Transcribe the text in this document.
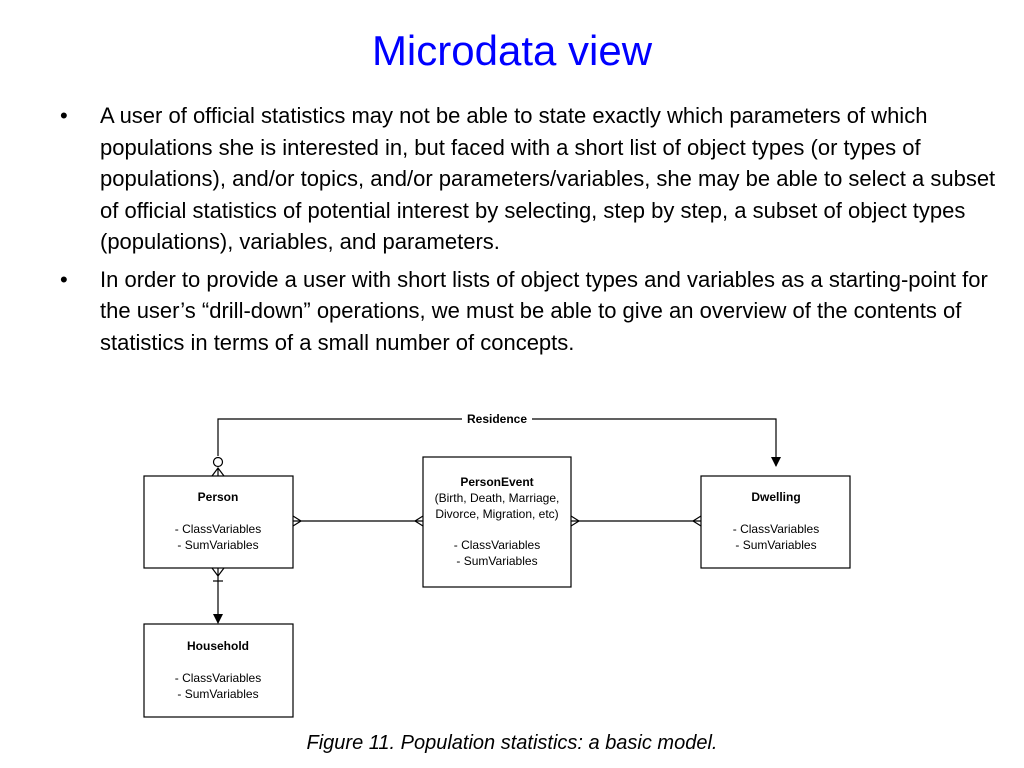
Microdata view
• A user of official statistics may not be able to state exactly which parameters of which populations she is interested in, but faced with a short list of object types (or types of populations), and/or topics, and/or parameters/variables, she may be able to select a subset of official statistics of potential interest by selecting, step by step, a subset of object types (populations), variables, and parameters.
• In order to provide a user with short lists of object types and variables as a starting-point for the user’s “drill-down” operations, we must be able to give an overview of the contents of statistics in terms of a small number of concepts.
Residence
Person
- ClassVariables
- SumVariables
PersonEvent
(Birth, Death, Marriage,
Divorce, Migration, etc)
- ClassVariables
- SumVariables
Dwelling
- ClassVariables
- SumVariables
Household
- ClassVariables
- SumVariables
Figure 11. Population statistics: a basic model.
